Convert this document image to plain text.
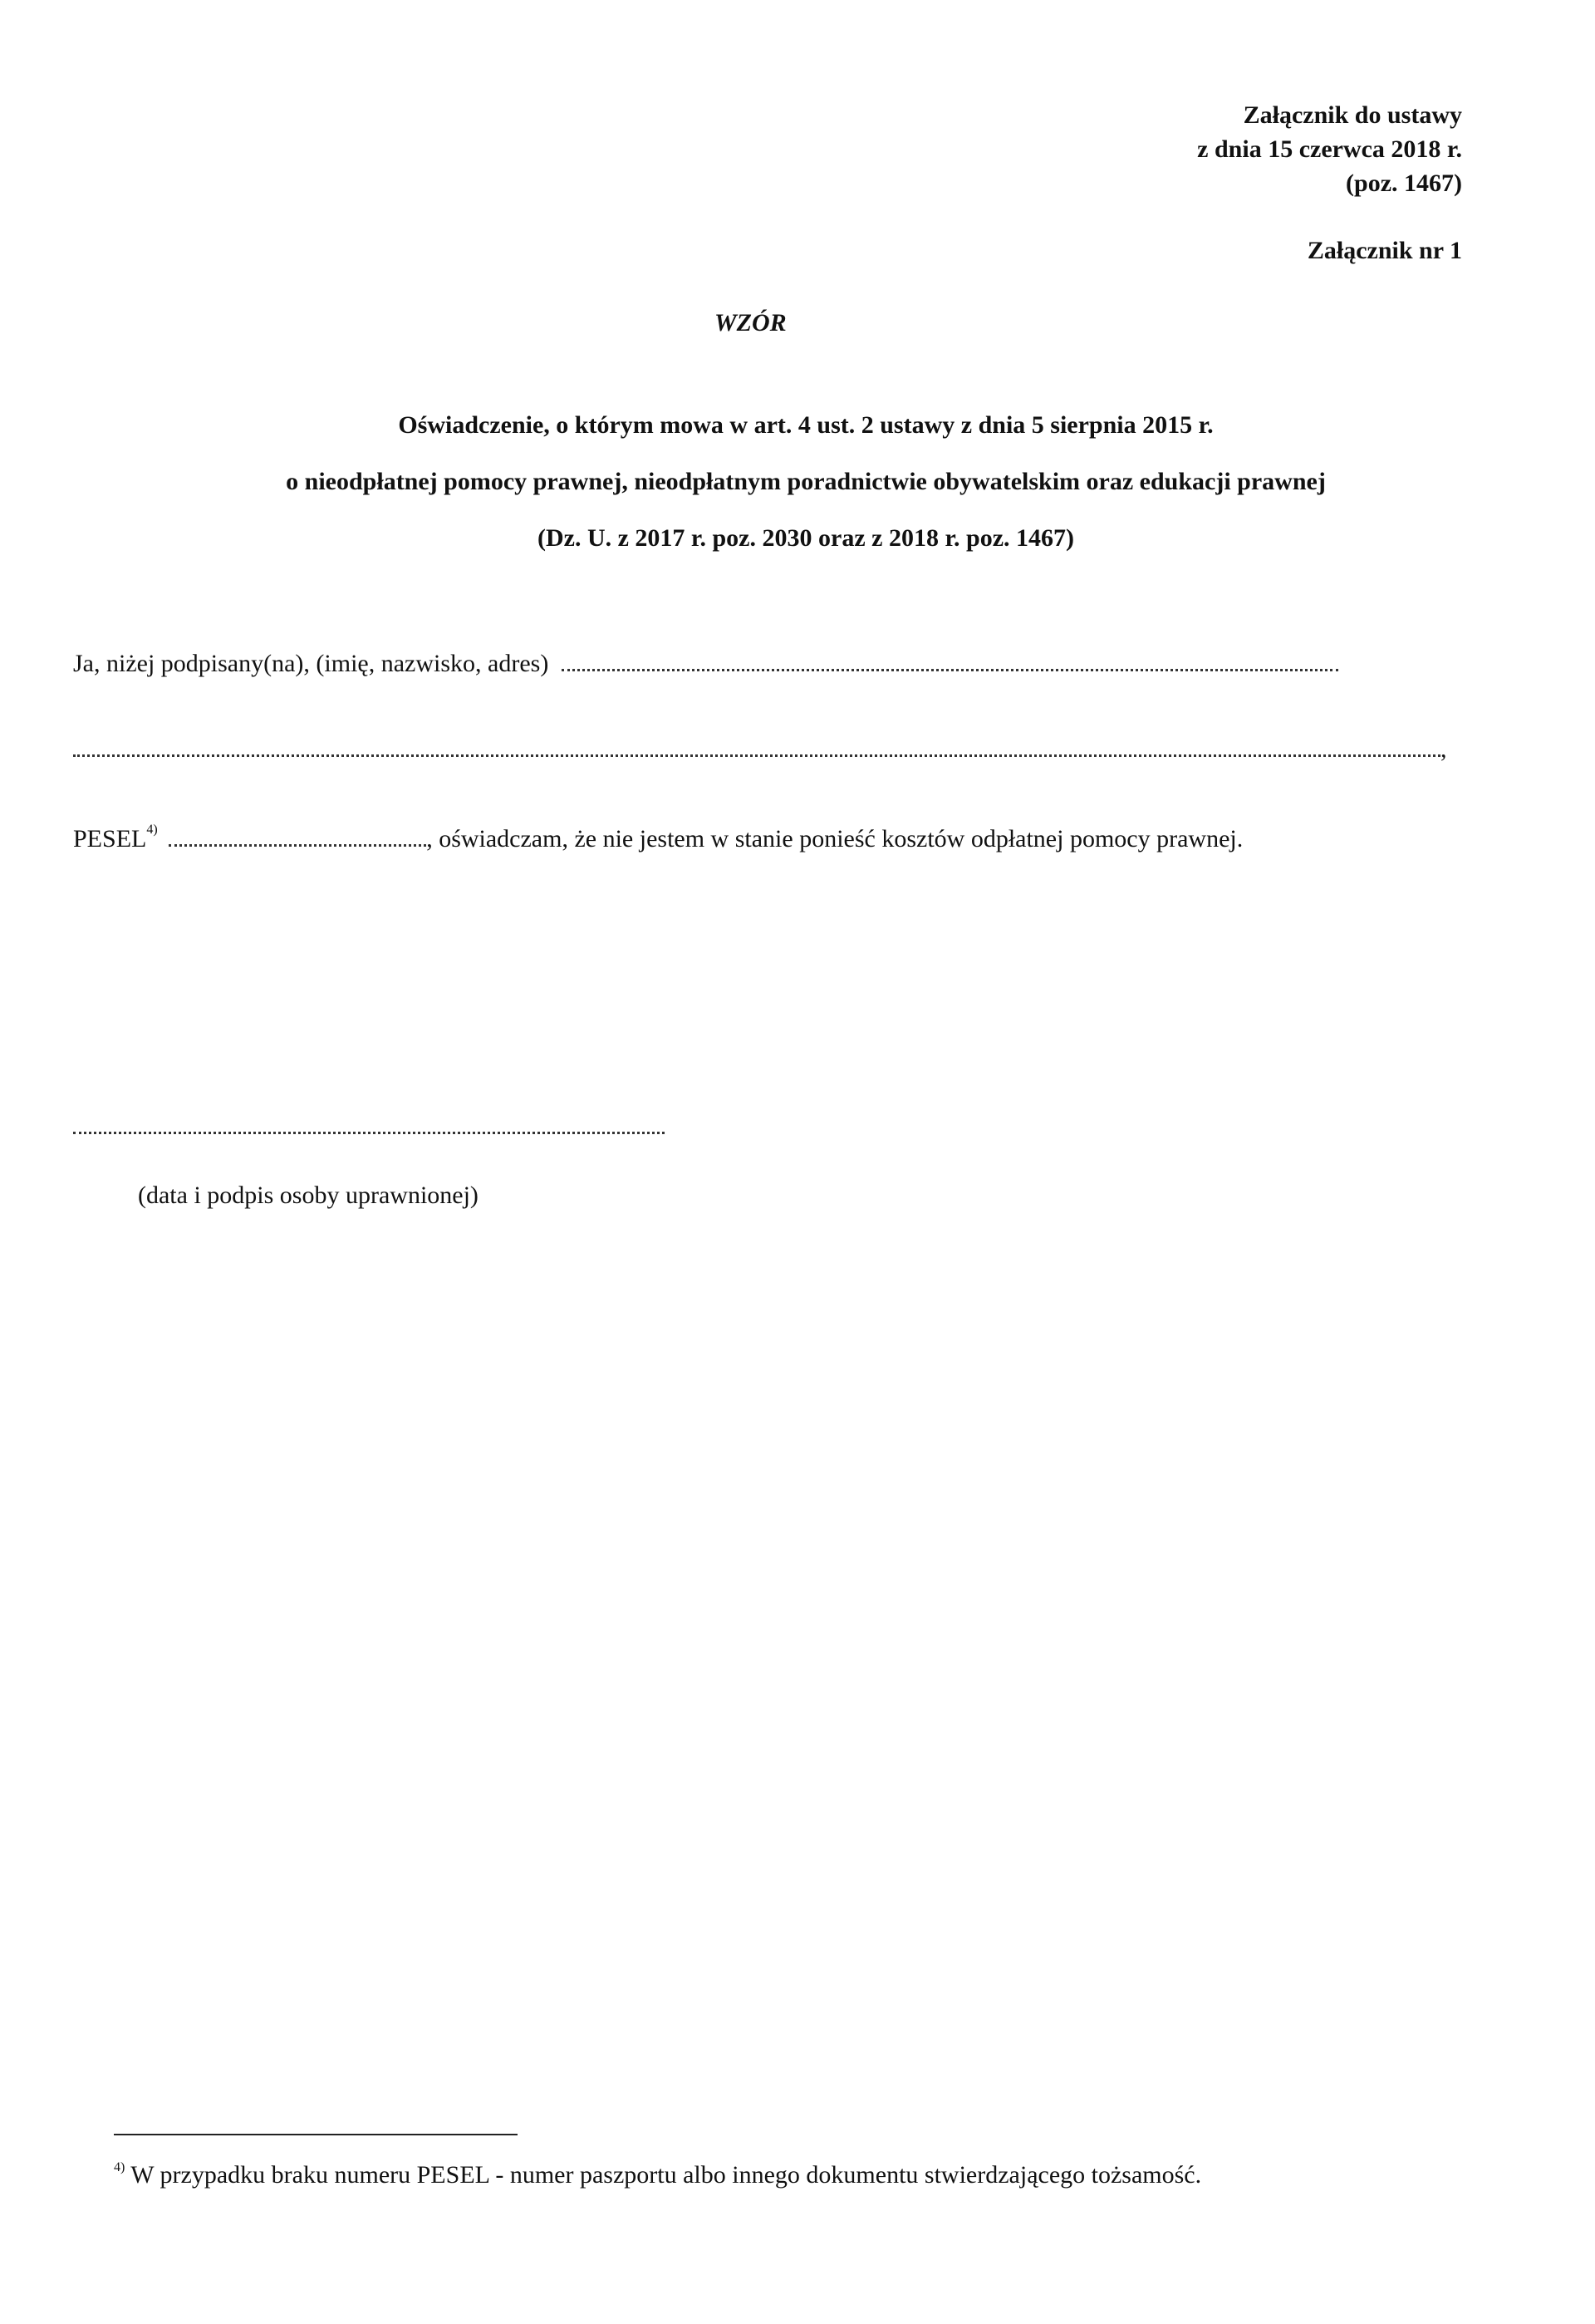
Załącznik do ustawy
z dnia 15 czerwca 2018 r.
(poz. 1467)
Załącznik nr 1
WZÓR
Oświadczenie, o którym mowa w art. 4 ust. 2 ustawy z dnia 5 sierpnia 2015 r.
o nieodpłatnej pomocy prawnej, nieodpłatnym poradnictwie obywatelskim oraz edukacji prawnej
(Dz. U. z 2017 r. poz. 2030 oraz z 2018 r. poz. 1467)
Ja, niżej podpisany(na), (imię, nazwisko, adres)
,
PESEL$^{4)}$	, oświadczam, że nie jestem w stanie ponieść kosztów odpłatnej pomocy prawnej.
(data i podpis osoby uprawnionej)
$^{4)}$ W przypadku braku numeru PESEL - numer paszportu albo innego dokumentu stwierdzającego tożsamość.
